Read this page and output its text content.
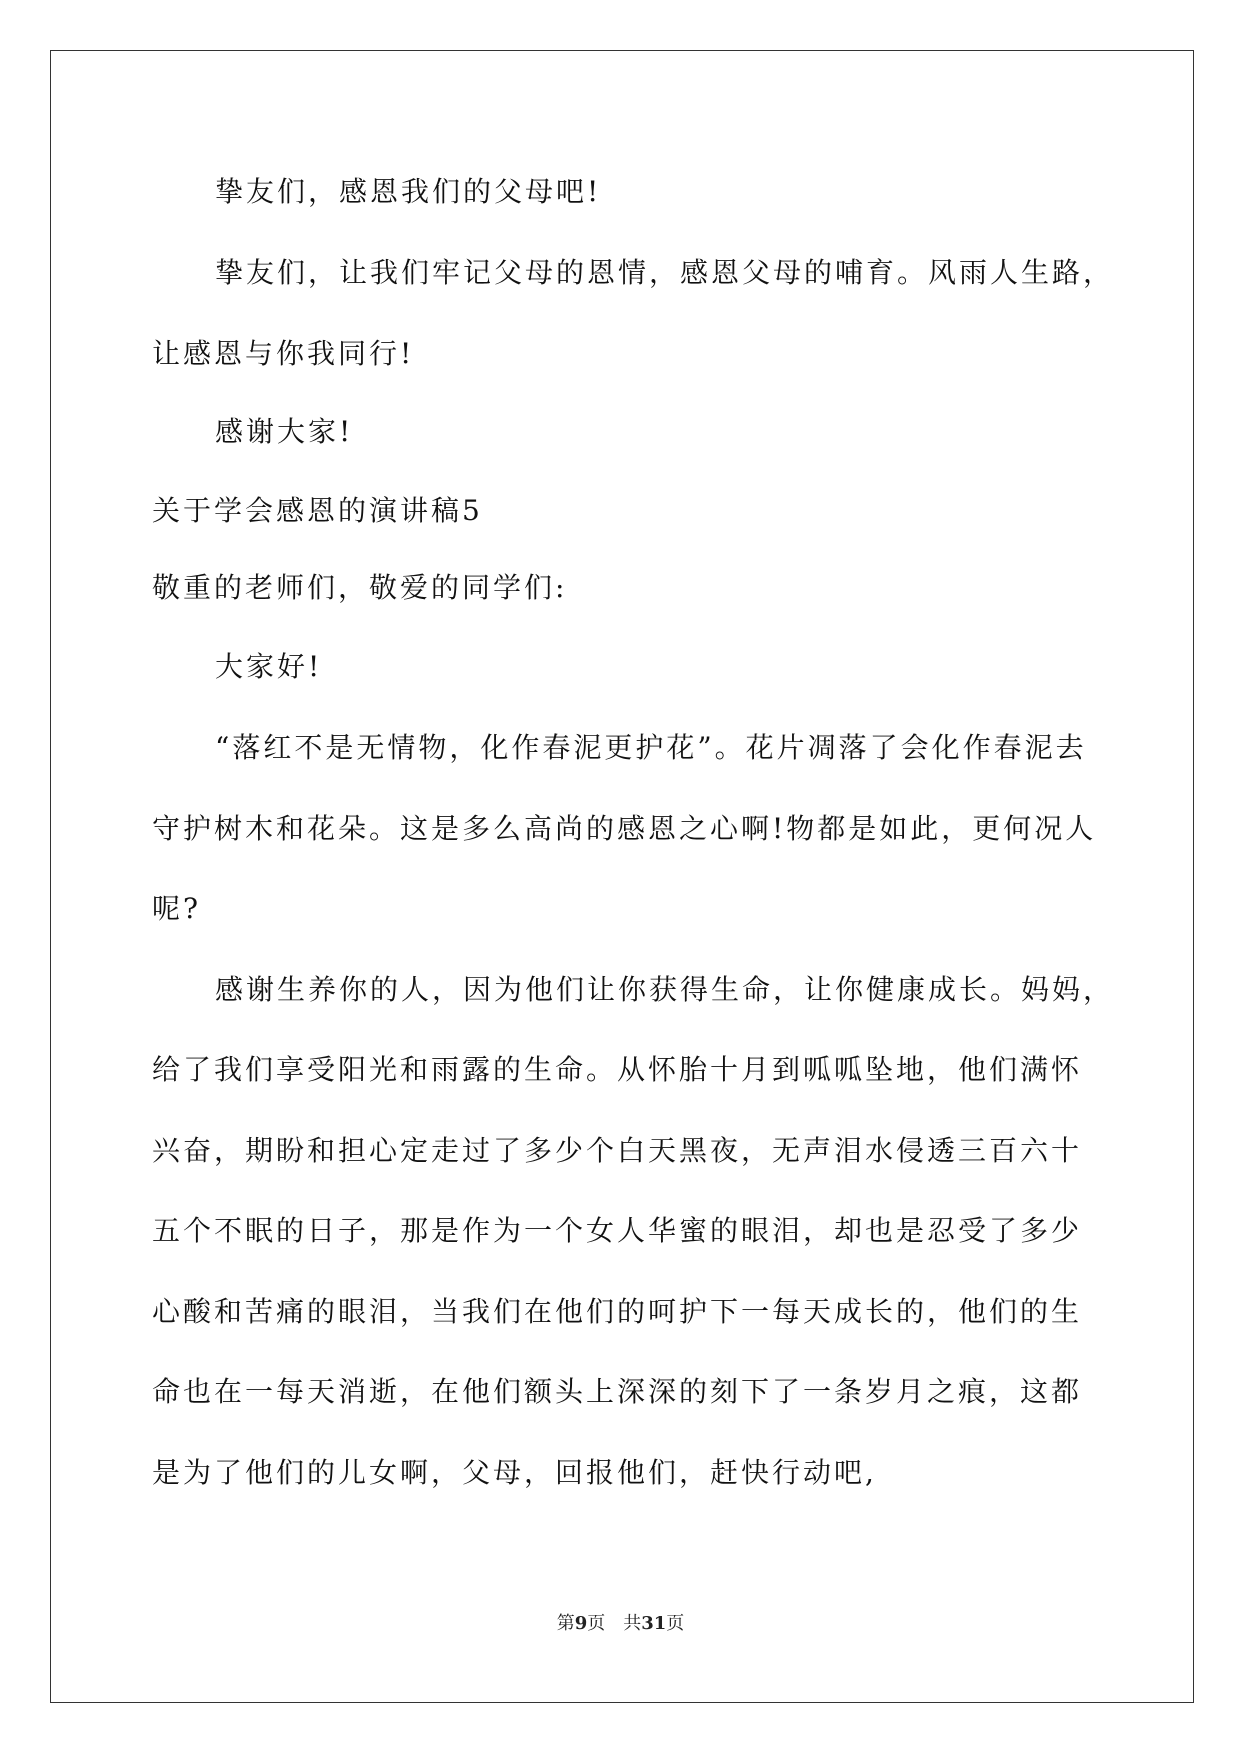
挚友们，感恩我们的父母吧!
挚友们，让我们牢记父母的恩情，感恩父母的哺育。风雨人生路，
让感恩与你我同行!
感谢大家!
关于学会感恩的演讲稿5
敬重的老师们，敬爱的同学们:
大家好!
“落红不是无情物，化作春泥更护花”。花片凋落了会化作春泥去
守护树木和花朵。这是多么高尚的感恩之心啊!物都是如此，更何况人
呢?
感谢生养你的人，因为他们让你获得生命，让你健康成长。妈妈，
给了我们享受阳光和雨露的生命。从怀胎十月到呱呱坠地，他们满怀
兴奋，期盼和担心定走过了多少个白天黑夜，无声泪水侵透三百六十
五个不眠的日子，那是作为一个女人华蜜的眼泪，却也是忍受了多少
心酸和苦痛的眼泪，当我们在他们的呵护下一每天成长的，他们的生
命也在一每天消逝，在他们额头上深深的刻下了一条岁月之痕，这都
是为了他们的儿女啊，父母，回报他们，赶快行动吧,
第9页　共31页
